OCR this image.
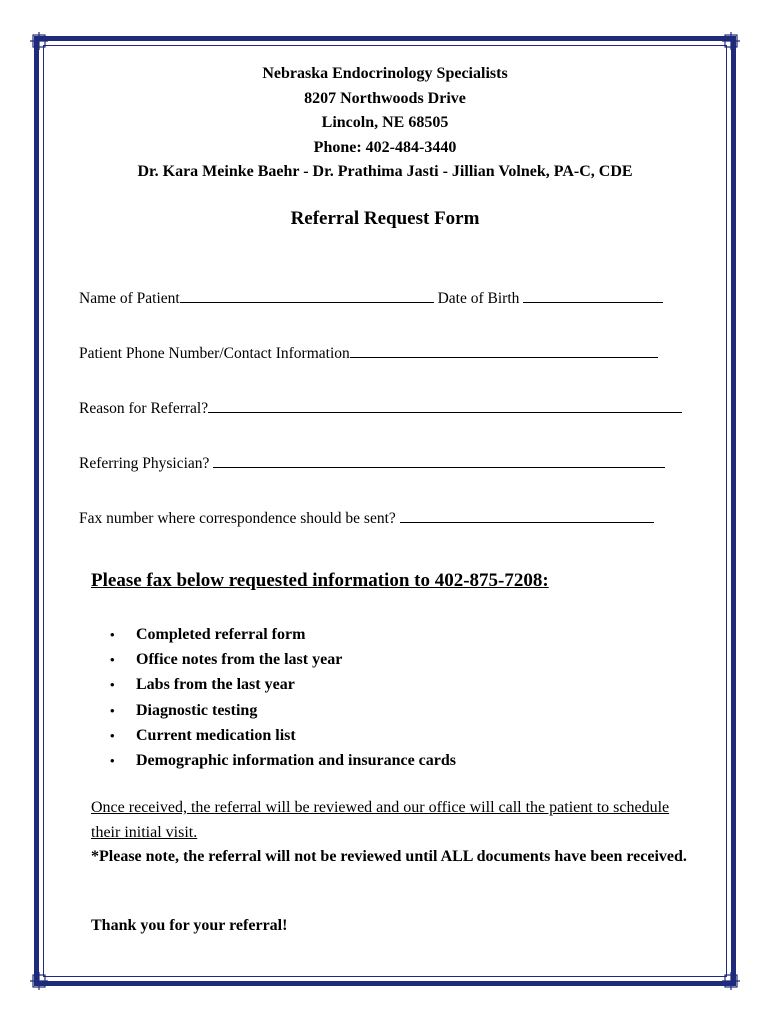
Nebraska Endocrinology Specialists
8207 Northwoods Drive
Lincoln, NE 68505
Phone: 402-484-3440
Dr. Kara Meinke Baehr - Dr. Prathima Jasti - Jillian Volnek, PA-C, CDE
Referral Request Form
Name of Patient	Date of Birth
Patient Phone Number/Contact Information
Reason for Referral?
Referring Physician?
Fax number where correspondence should be sent?
Please fax below requested information to 402-875-7208:
•	Completed referral form
•	Office notes from the last year
•	Labs from the last year
•	Diagnostic testing
•	Current medication list
•	Demographic information and insurance cards
Once received, the referral will be reviewed and our office will call the patient to schedule their initial visit.
*Please note, the referral will not be reviewed until ALL documents have been received.
Thank you for your referral!
